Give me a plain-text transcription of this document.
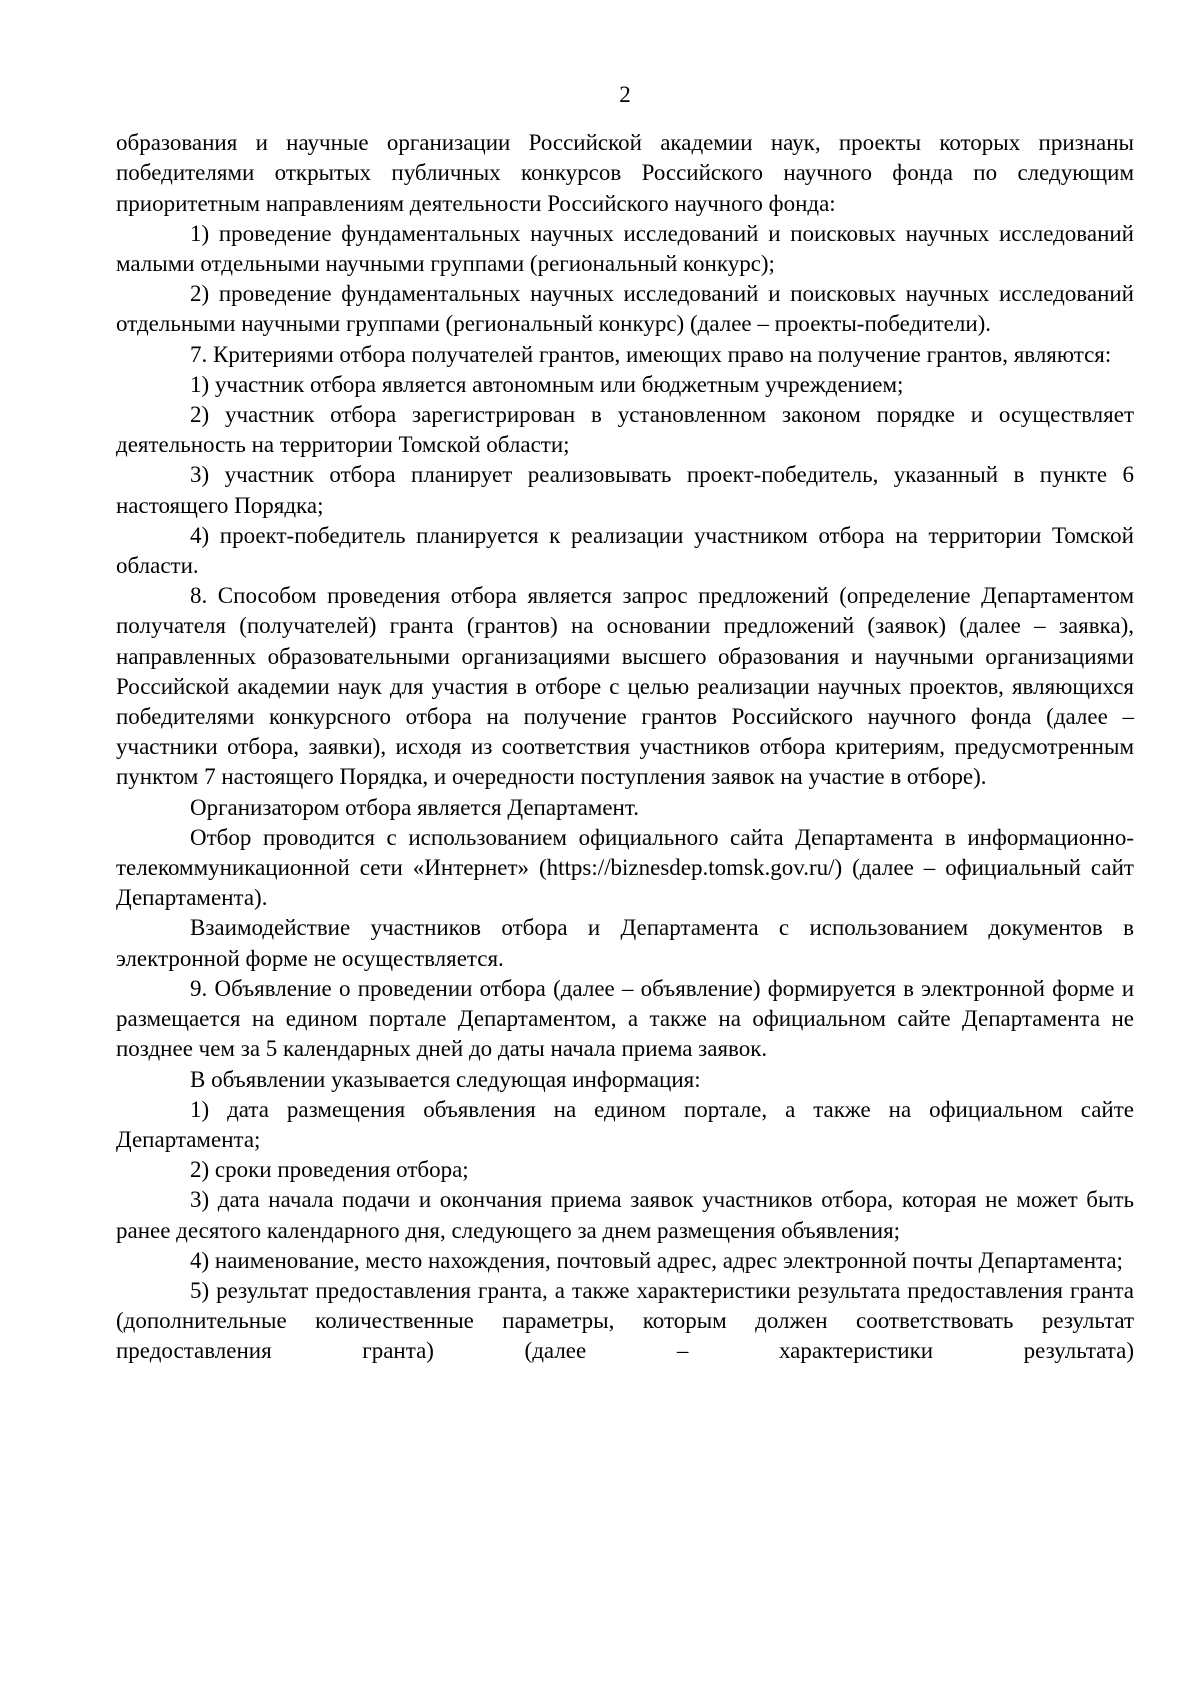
2

образования и научные организации Российской академии наук, проекты которых признаны победителями открытых публичных конкурсов Российского научного фонда по следующим приоритетным направлениям деятельности Российского научного фонда:

1) проведение фундаментальных научных исследований и поисковых научных исследований малыми отдельными научными группами (региональный конкурс);

2) проведение фундаментальных научных исследований и поисковых научных исследований отдельными научными группами (региональный конкурс) (далее – проекты-победители).

7. Критериями отбора получателей грантов, имеющих право на получение грантов, являются:

1) участник отбора является автономным или бюджетным учреждением;

2) участник отбора зарегистрирован в установленном законом порядке и осуществляет деятельность на территории Томской области;

3) участник отбора планирует реализовывать проект-победитель, указанный в пункте 6 настоящего Порядка;

4) проект-победитель планируется к реализации участником отбора на территории Томской области.

8. Способом проведения отбора является запрос предложений (определение Департаментом получателя (получателей) гранта (грантов) на основании предложений (заявок) (далее – заявка), направленных образовательными организациями высшего образования и научными организациями Российской академии наук для участия в отборе с целью реализации научных проектов, являющихся победителями конкурсного отбора на получение грантов Российского научного фонда (далее – участники отбора, заявки), исходя из соответствия участников отбора критериям, предусмотренным пунктом 7 настоящего Порядка, и очередности поступления заявок на участие в отборе).

Организатором отбора является Департамент.

Отбор проводится с использованием официального сайта Департамента в информационно-телекоммуникационной сети «Интернет» (https://biznesdep.tomsk.gov.ru/) (далее – официальный сайт Департамента).

Взаимодействие участников отбора и Департамента с использованием документов в электронной форме не осуществляется.

9. Объявление о проведении отбора (далее – объявление) формируется в электронной форме и размещается на едином портале Департаментом, а также на официальном сайте Департамента не позднее чем за 5 календарных дней до даты начала приема заявок.

В объявлении указывается следующая информация:

1) дата размещения объявления на едином портале, а также на официальном сайте Департамента;

2) сроки проведения отбора;

3) дата начала подачи и окончания приема заявок участников отбора, которая не может быть ранее десятого календарного дня, следующего за днем размещения объявления;

4) наименование, место нахождения, почтовый адрес, адрес электронной почты Департамента;

5) результат предоставления гранта, а также характеристики результата предоставления гранта (дополнительные количественные параметры, которым должен соответствовать результат предоставления гранта) (далее – характеристики результата)
